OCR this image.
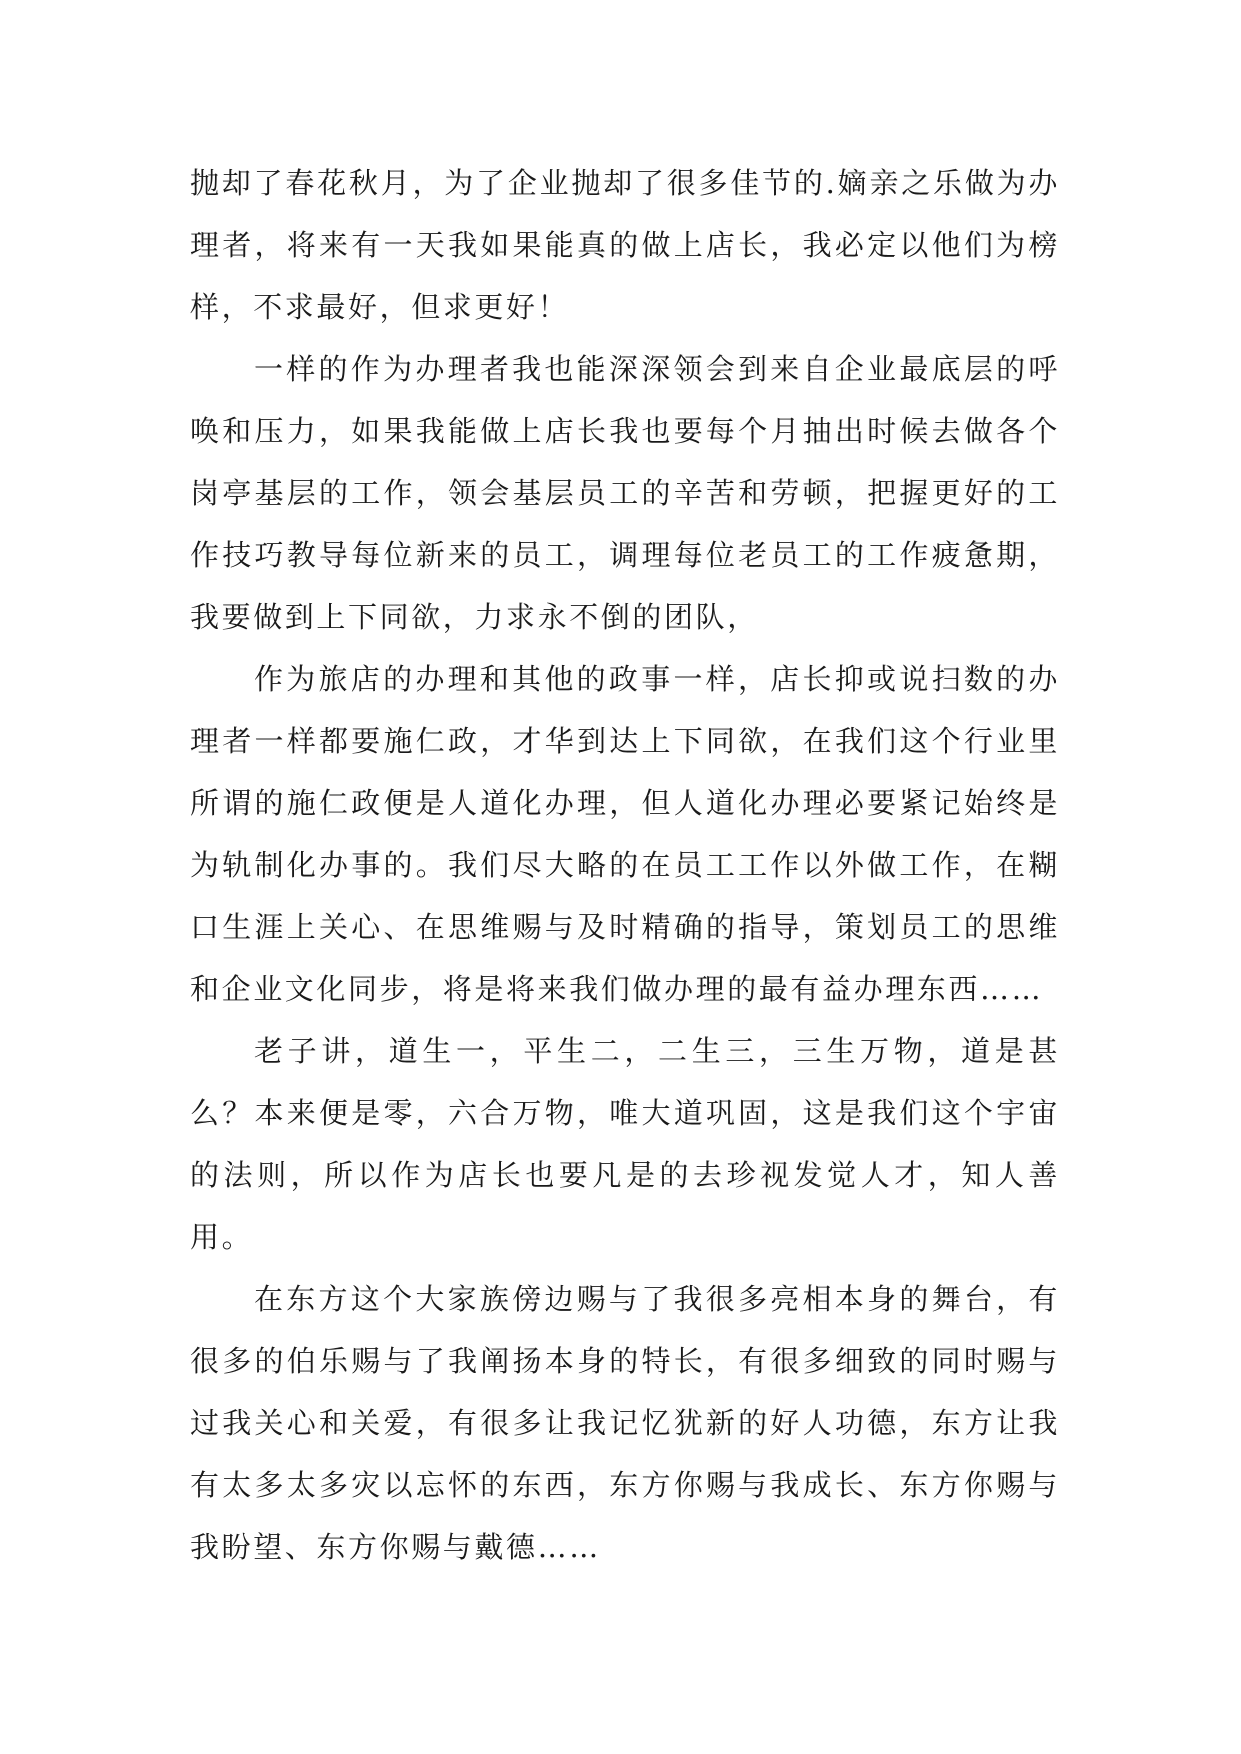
抛却了春花秋月，为了企业抛却了很多佳节的.嫡亲之乐做为办理者，将来有一天我如果能真的做上店长，我必定以他们为榜样，不求最好，但求更好！

一样的作为办理者我也能深深领会到来自企业最底层的呼唤和压力，如果我能做上店长我也要每个月抽出时候去做各个岗亭基层的工作，领会基层员工的辛苦和劳顿，把握更好的工作技巧教导每位新来的员工，调理每位老员工的工作疲惫期，我要做到上下同欲，力求永不倒的团队，

作为旅店的办理和其他的政事一样，店长抑或说扫数的办理者一样都要施仁政，才华到达上下同欲，在我们这个行业里所谓的施仁政便是人道化办理，但人道化办理必要紧记始终是为轨制化办事的。我们尽大略的在员工工作以外做工作，在糊口生涯上关心、在思维赐与及时精确的指导，策划员工的思维和企业文化同步，将是将来我们做办理的最有益办理东西……

老子讲，道生一，平生二，二生三，三生万物，道是甚么？本来便是零，六合万物，唯大道巩固，这是我们这个宇宙的法则，所以作为店长也要凡是的去珍视发觉人才，知人善用。

在东方这个大家族傍边赐与了我很多亮相本身的舞台，有很多的伯乐赐与了我阐扬本身的特长，有很多细致的同时赐与过我关心和关爱，有很多让我记忆犹新的好人功德，东方让我有太多太多灾以忘怀的东西，东方你赐与我成长、东方你赐与我盼望、东方你赐与戴德……
